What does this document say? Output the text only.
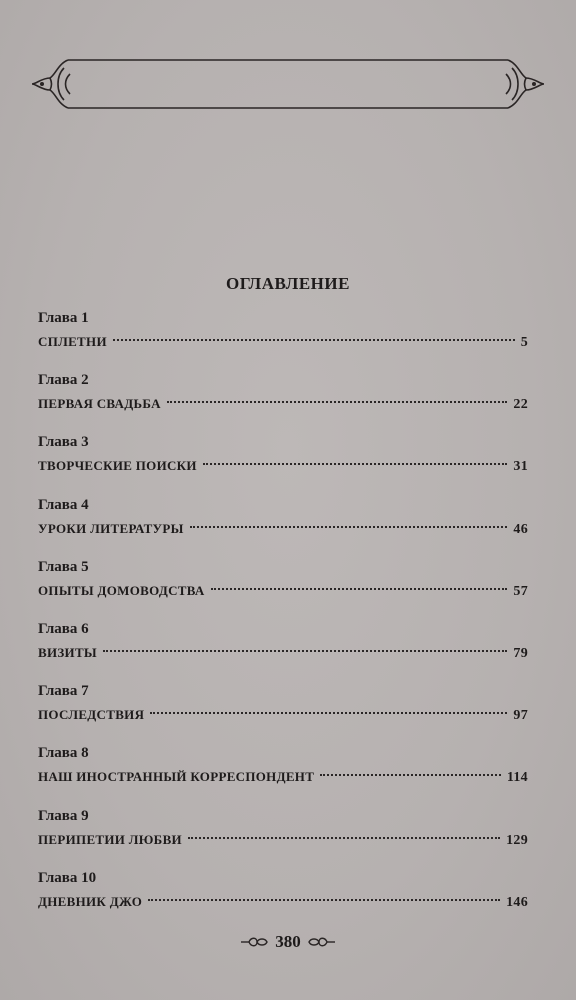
ОГЛАВЛЕНИЕ
Глава 1
СПЛЕТНИ	5
Глава 2
ПЕРВАЯ СВАДЬБА	22
Глава 3
ТВОРЧЕСКИЕ ПОИСКИ	31
Глава 4
УРОКИ ЛИТЕРАТУРЫ	46
Глава 5
ОПЫТЫ ДОМОВОДСТВА	57
Глава 6
ВИЗИТЫ	79
Глава 7
ПОСЛЕДСТВИЯ	97
Глава 8
НАШ ИНОСТРАННЫЙ КОРРЕСПОНДЕНТ	114
Глава 9
ПЕРИПЕТИИ ЛЮБВИ	129
Глава 10
ДНЕВНИК ДЖО	146
380
